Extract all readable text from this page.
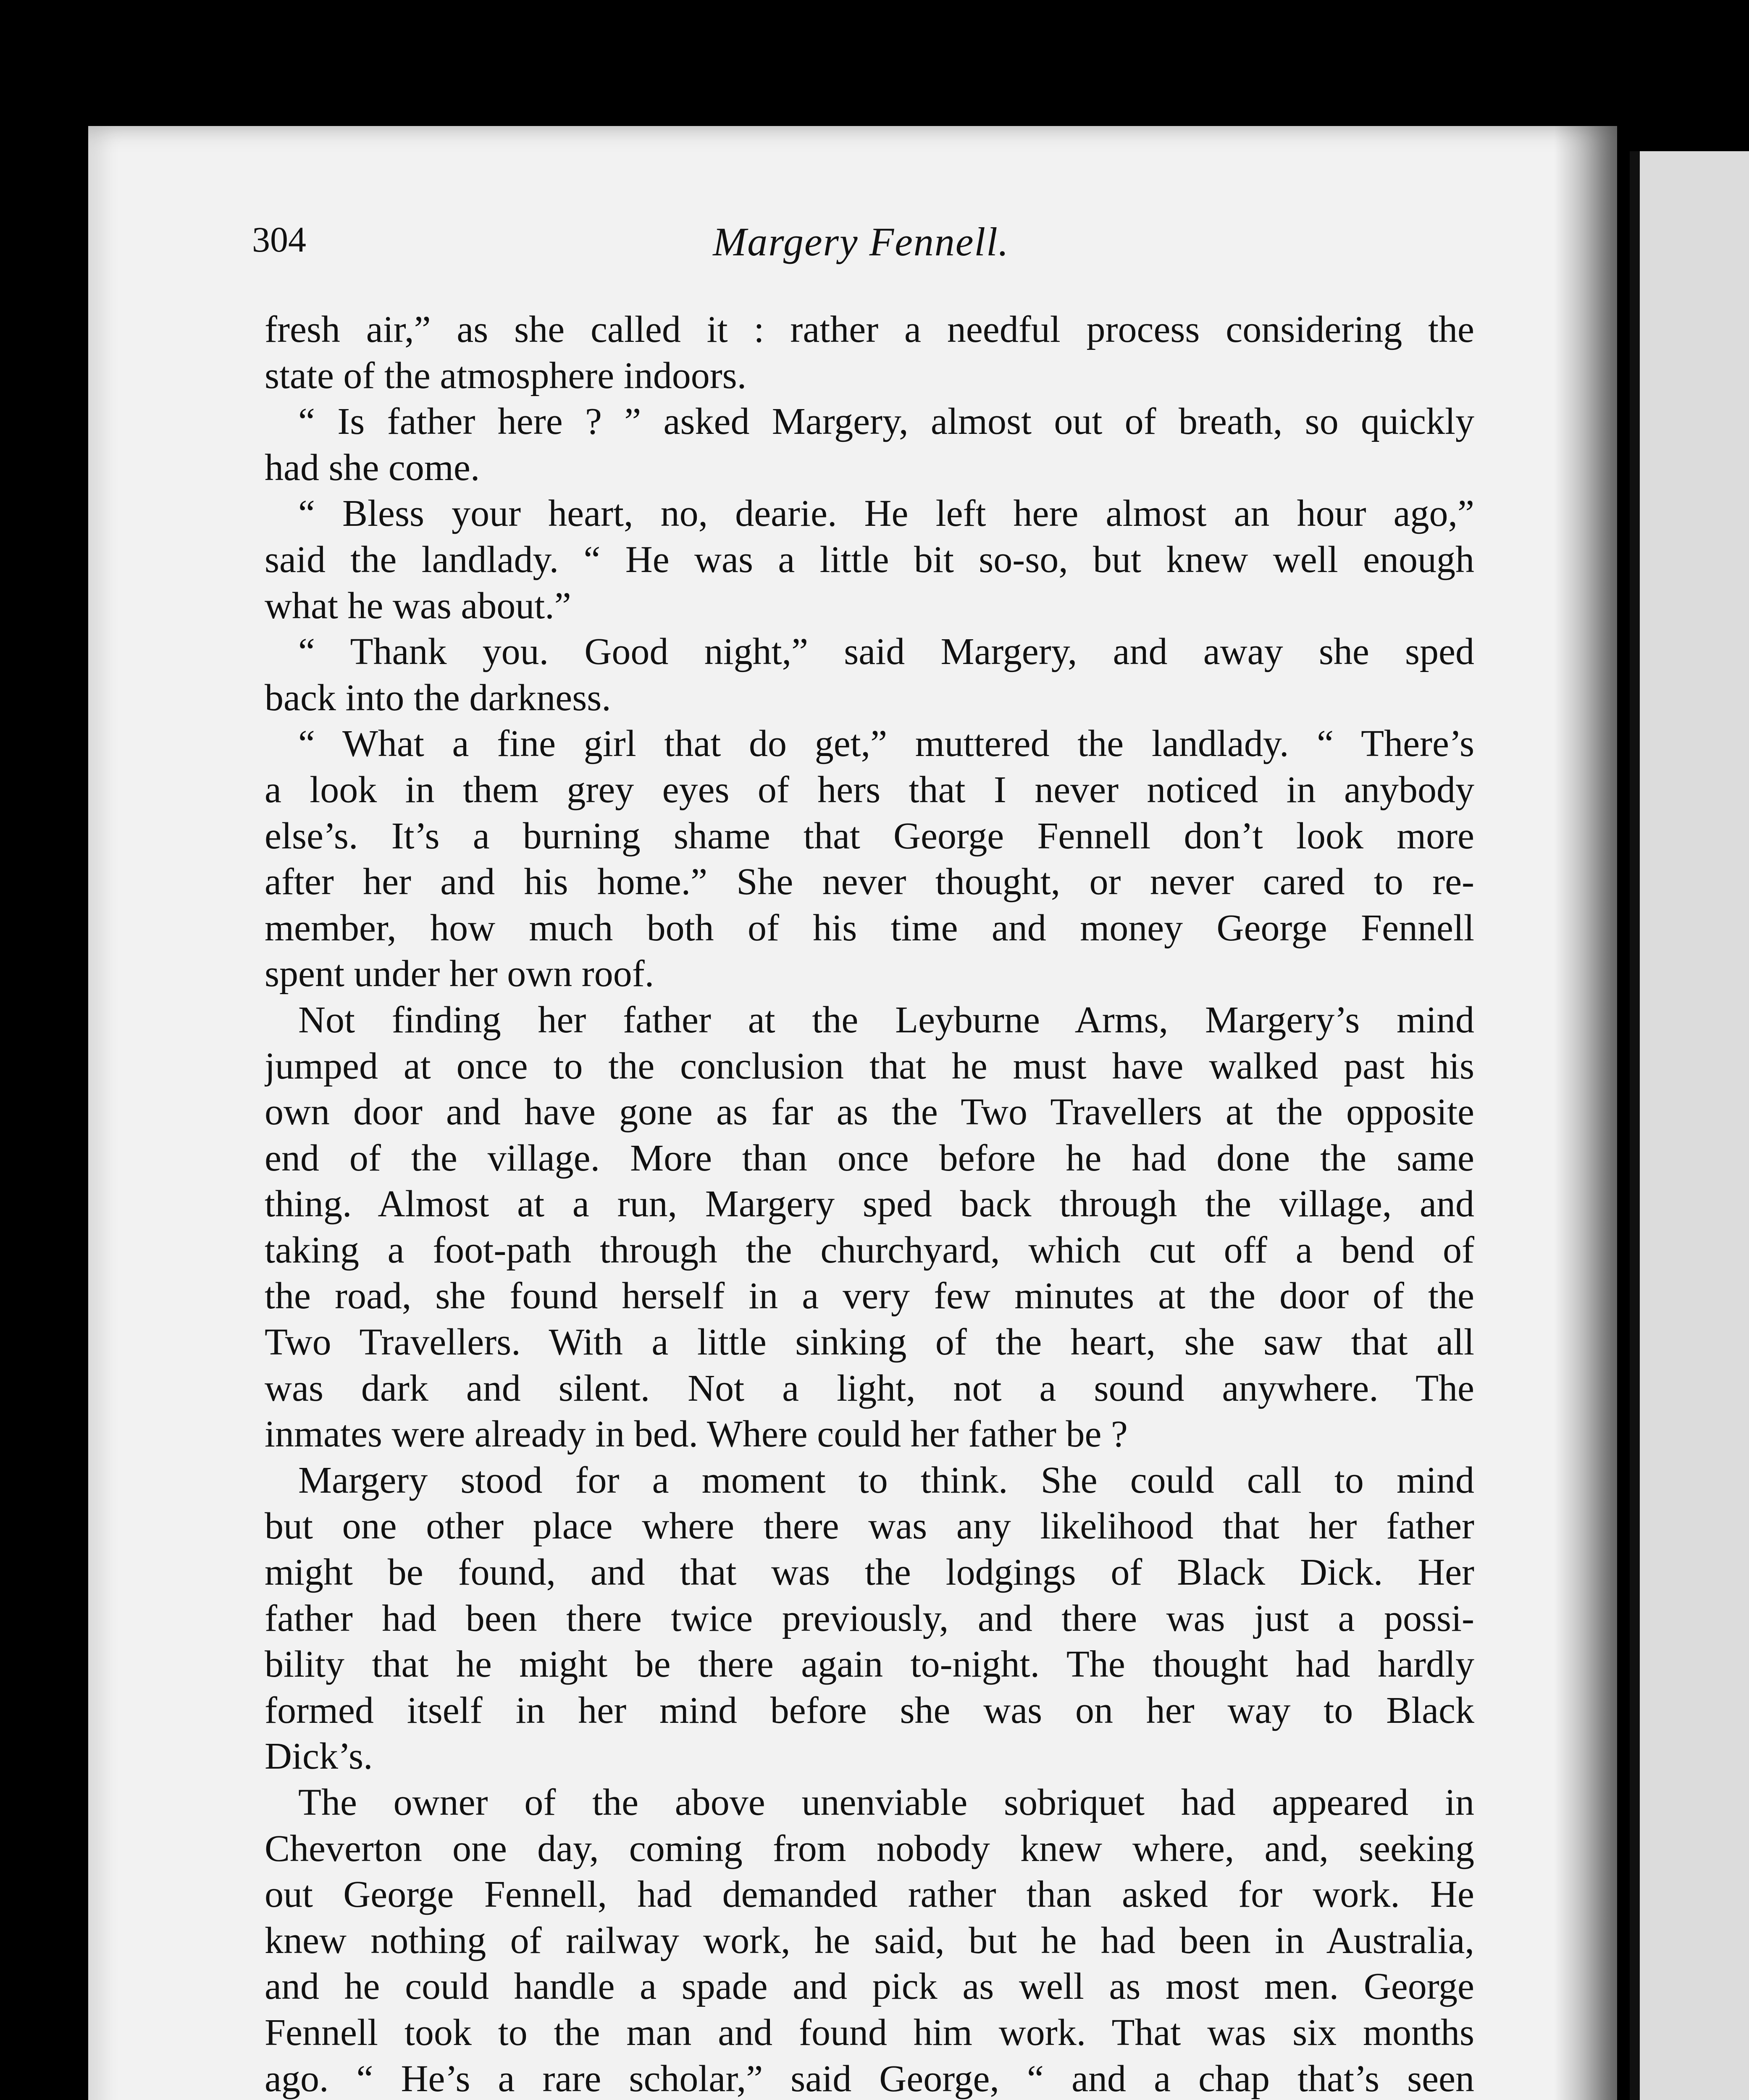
304	Margery Fennell.
fresh air,” as she called it : rather a needful process considering the
state of the atmosphere indoors.
“ Is father here ? ” asked Margery, almost out of breath, so quickly
had she come.
“ Bless your heart, no, dearie. He left here almost an hour ago,”
said the landlady. “ He was a little bit so-so, but knew well enough
what he was about.”
“ Thank you. Good night,” said Margery, and away she sped
back into the darkness.
“ What a fine girl that do get,” muttered the landlady. “ There’s
a look in them grey eyes of hers that I never noticed in anybody
else’s. It’s a burning shame that George Fennell don’t look more
after her and his home.” She never thought, or never cared to re-
member, how much both of his time and money George Fennell
spent under her own roof.
Not finding her father at the Leyburne Arms, Margery’s mind
jumped at once to the conclusion that he must have walked past his
own door and have gone as far as the Two Travellers at the opposite
end of the village. More than once before he had done the same
thing. Almost at a run, Margery sped back through the village, and
taking a foot-path through the churchyard, which cut off a bend of
the road, she found herself in a very few minutes at the door of the
Two Travellers. With a little sinking of the heart, she saw that all
was dark and silent. Not a light, not a sound anywhere. The
inmates were already in bed. Where could her father be ?
Margery stood for a moment to think. She could call to mind
but one other place where there was any likelihood that her father
might be found, and that was the lodgings of Black Dick. Her
father had been there twice previously, and there was just a possi-
bility that he might be there again to-night. The thought had hardly
formed itself in her mind before she was on her way to Black
Dick’s.
The owner of the above unenviable sobriquet had appeared in
Cheverton one day, coming from nobody knew where, and, seeking
out George Fennell, had demanded rather than asked for work. He
knew nothing of railway work, he said, but he had been in Australia,
and he could handle a spade and pick as well as most men. George
Fennell took to the man and found him work. That was six months
ago. “ He’s a rare scholar,” said George, “ and a chap that’s seen
